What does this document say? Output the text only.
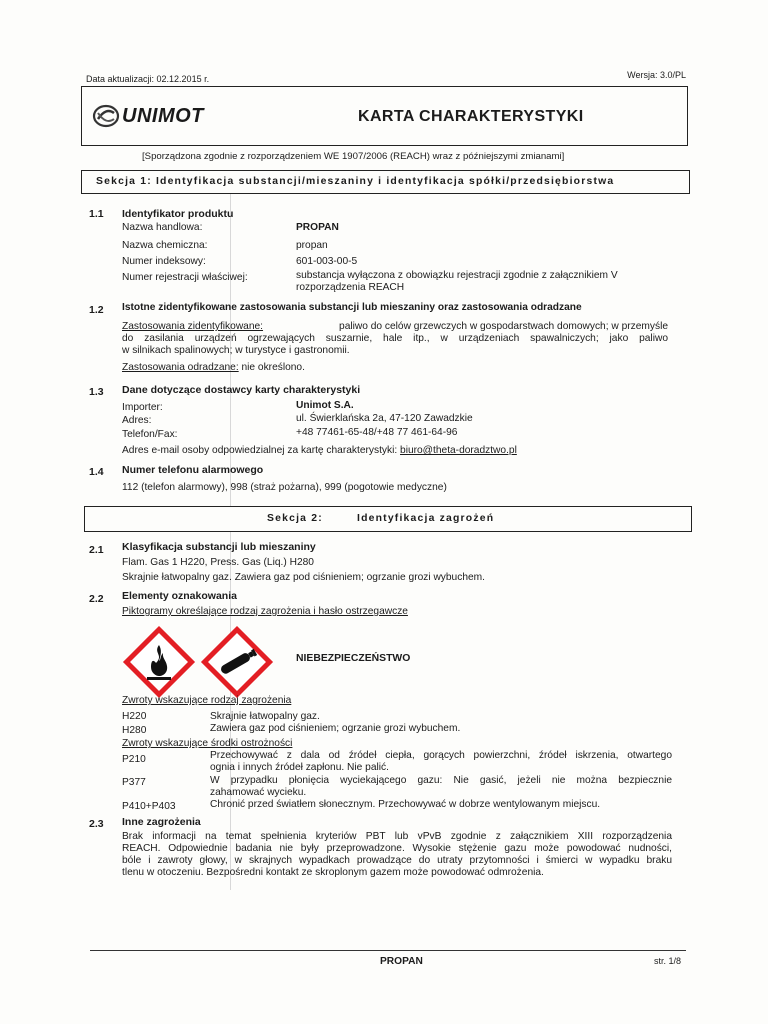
Data aktualizacji: 02.12.2015 r.	Wersja: 3.0/PL
UNIMOT	KARTA CHARAKTERYSTYKI
[Sporządzona zgodnie z rozporządzeniem WE 1907/2006 (REACH) wraz z późniejszymi zmianami]
Sekcja 1: Identyfikacja substancji/mieszaniny i identyfikacja spółki/przedsiębiorstwa
1.1 Identyfikator produktu
Nazwa handlowa:	PROPAN
Nazwa chemiczna:	propan
Numer indeksowy:	601-003-00-5
Numer rejestracji właściwej:	substancja wyłączona z obowiązku rejestracji zgodnie z załącznikiem V
rozporządzenia REACH
1.2 Istotne zidentyfikowane zastosowania substancji lub mieszaniny oraz zastosowania odradzane
Zastosowania zidentyfikowane:	paliwo do celów grzewczych w gospodarstwach domowych; w przemyśle
do zasilania urządzeń ogrzewających suszarnie, hale itp., w urządzeniach spawalniczych; jako paliwo
w silnikach spalinowych; w turystyce i gastronomii.
Zastosowania odradzane: nie określono.
1.3 Dane dotyczące dostawcy karty charakterystyki
Importer:	Unimot S.A.
Adres:	ul. Świerklańska 2a, 47-120 Zawadzkie
Telefon/Fax:	+48 77461-65-48/+48 77 461-64-96
Adres e-mail osoby odpowiedzialnej za kartę charakterystyki: biuro@theta-doradztwo.pl
1.4 Numer telefonu alarmowego
112 (telefon alarmowy), 998 (straż pożarna), 999 (pogotowie medyczne)
Sekcja 2:	Identyfikacja zagrożeń
2.1 Klasyfikacja substancji lub mieszaniny
Flam. Gas 1 H220, Press. Gas (Liq.) H280
Skrajnie łatwopalny gaz. Zawiera gaz pod ciśnieniem; ogrzanie grozi wybuchem.
2.2 Elementy oznakowania
Piktogramy określające rodzaj zagrożenia i hasło ostrzegawcze
NIEBEZPIECZEŃSTWO
Zwroty wskazujące rodzaj zagrożenia
H220	Skrajnie łatwopalny gaz.
H280	Zawiera gaz pod ciśnieniem; ogrzanie grozi wybuchem.
Zwroty wskazujące środki ostrożności
P210	Przechowywać z dala od źródeł ciepła, gorących powierzchni, źródeł iskrzenia, otwartego
ognia i innych źródeł zapłonu. Nie palić.
P377	W przypadku płonięcia wyciekającego gazu: Nie gasić, jeżeli nie można bezpiecznie
zahamować wycieku.
P410+P403	Chronić przed światłem słonecznym. Przechowywać w dobrze wentylowanym miejscu.
2.3 Inne zagrożenia
Brak informacji na temat spełnienia kryteriów PBT lub vPvB zgodnie z załącznikiem XIII rozporządzenia
REACH. Odpowiednie badania nie były przeprowadzone. Wysokie stężenie gazu może powodować nudności,
bóle i zawroty głowy, w skrajnych wypadkach prowadzące do utraty przytomności i śmierci w wypadku braku
tlenu w otoczeniu. Bezpośredni kontakt ze skroplonym gazem może powodować odmrożenia.
PROPAN	str. 1/8
